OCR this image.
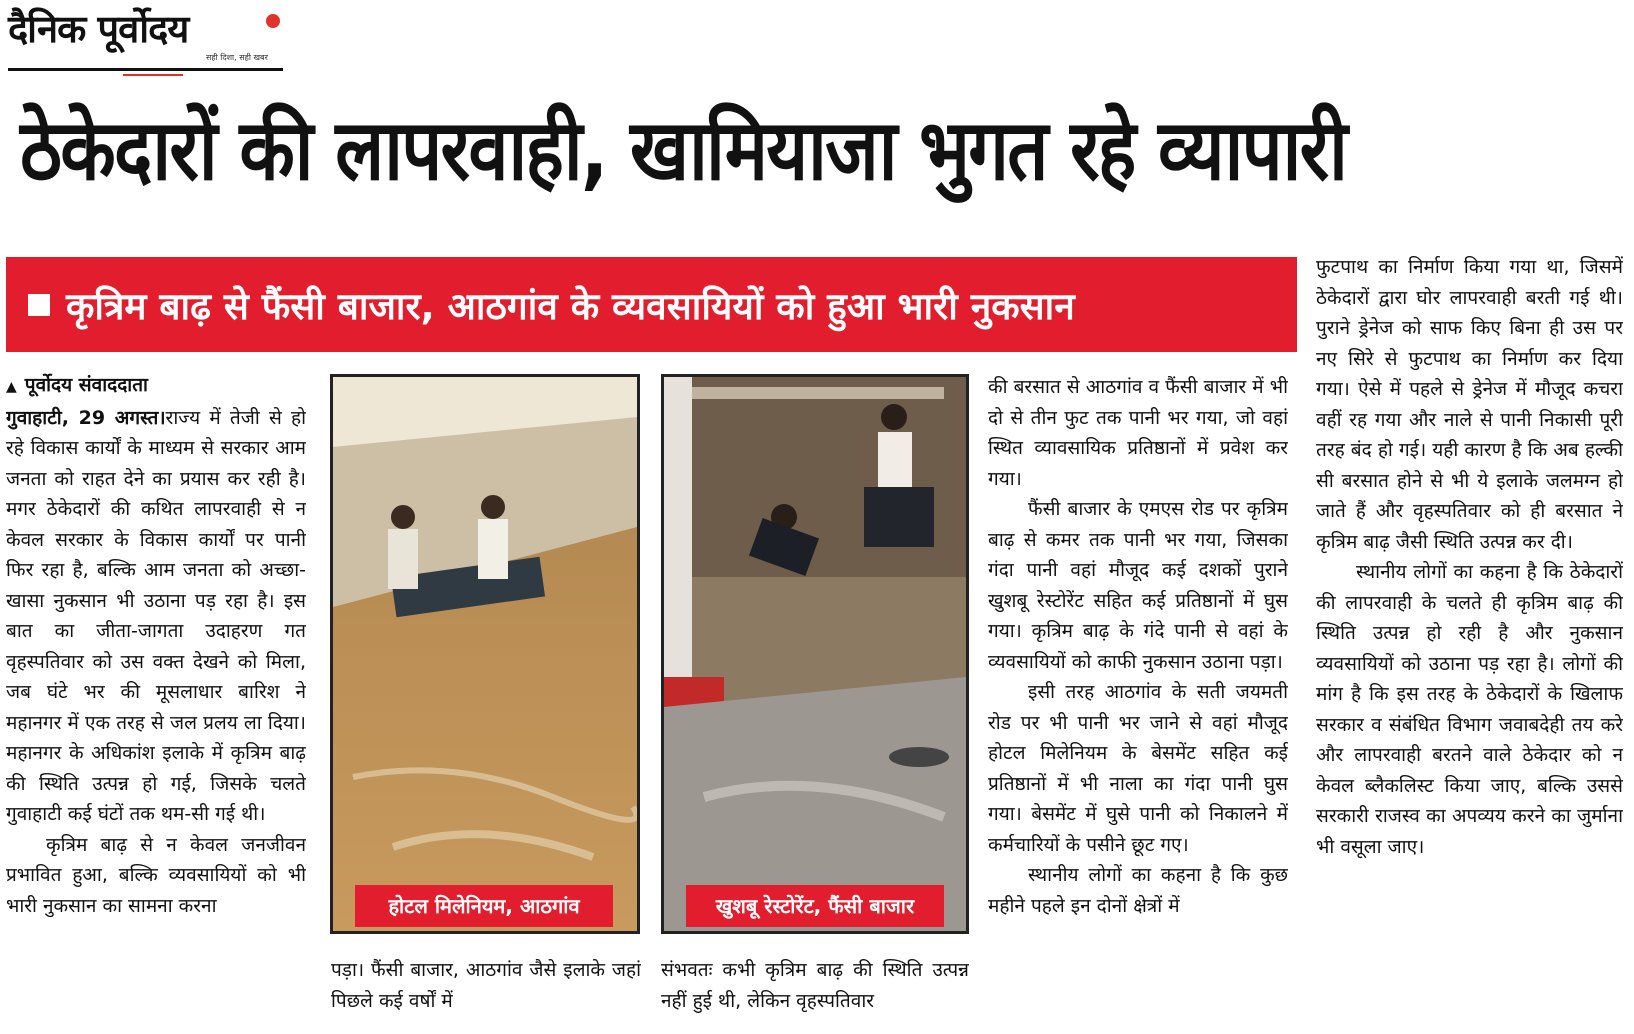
दैनिक पूर्वोदय
सही दिशा, सही खबर
ठेकेदारों की लापरवाही, खामियाजा भुगत रहे व्यापारी
कृत्रिम बाढ़ से फैंसी बाजार, आठगांव के व्यवसायियों को हुआ भारी नुकसान

▲ पूर्वोदय संवाददाता

गुवाहाटी, 29 अगस्त।राज्य में तेजी से हो रहे विकास कार्यों के माध्यम से सरकार आम जनता को राहत देने का प्रयास कर रही है। मगर ठेकेदारों की कथित लापरवाही से न केवल सरकार के विकास कार्यों पर पानी फिर रहा है, बल्कि आम जनता को अच्छा-खासा नुकसान भी उठाना पड़ रहा है। इस बात का जीता-जागता उदाहरण गत वृहस्पतिवार को उस वक्त देखने को मिला, जब घंटे भर की मूसलाधार बारिश ने महानगर में एक तरह से जल प्रलय ला दिया। महानगर के अधिकांश इलाके में कृत्रिम बाढ़ की स्थिति उत्पन्न हो गई, जिसके चलते गुवाहाटी कई घंटों तक थम-सी गई थी।

कृत्रिम बाढ़ से न केवल जनजीवन प्रभावित हुआ, बल्कि व्यवसायियों को भी भारी नुकसान का सामना करना	होटल मिलेनियम, आठगांव	खुशबू रेस्टोरेंट, फैंसी बाजार

पड़ा। फैंसी बाजार, आठगांव जैसे इलाके जहां पिछले कई वर्षों में

संभवतः कभी कृत्रिम बाढ़ की स्थिति उत्पन्न नहीं हुई थी, लेकिन वृहस्पतिवार

की बरसात से आठगांव व फैंसी बाजार में भी दो से तीन फुट तक पानी भर गया, जो वहां स्थित व्यावसायिक प्रतिष्ठानों में प्रवेश कर गया।

फैंसी बाजार के एमएस रोड पर कृत्रिम बाढ़ से कमर तक पानी भर गया, जिसका गंदा पानी वहां मौजूद कई दशकों पुराने खुशबू रेस्टोरेंट सहित कई प्रतिष्ठानों में घुस गया। कृत्रिम बाढ़ के गंदे पानी से वहां के व्यवसायियों को काफी नुकसान उठाना पड़ा।

इसी तरह आठगांव के सती जयमती रोड पर भी पानी भर जाने से वहां मौजूद होटल मिलेनियम के बेसमेंट सहित कई प्रतिष्ठानों में भी नाला का गंदा पानी घुस गया। बेसमेंट में घुसे पानी को निकालने में कर्मचारियों के पसीने छूट गए।

स्थानीय लोगों का कहना है कि कुछ महीने पहले इन दोनों क्षेत्रों में

फुटपाथ का निर्माण किया गया था, जिसमें ठेकेदारों द्वारा घोर लापरवाही बरती गई थी। पुराने ड्रेनेज को साफ किए बिना ही उस पर नए सिरे से फुटपाथ का निर्माण कर दिया गया। ऐसे में पहले से ड्रेनेज में मौजूद कचरा वहीं रह गया और नाले से पानी निकासी पूरी तरह बंद हो गई। यही कारण है कि अब हल्की सी बरसात होने से भी ये इलाके जलमग्न हो जाते हैं और वृहस्पतिवार को ही बरसात ने कृत्रिम बाढ़ जैसी स्थिति उत्पन्न कर दी।

स्थानीय लोगों का कहना है कि ठेकेदारों की लापरवाही के चलते ही कृत्रिम बाढ़ की स्थिति उत्पन्न हो रही है और नुकसान व्यवसायियों को उठाना पड़ रहा है। लोगों की मांग है कि इस तरह के ठेकेदारों के खिलाफ सरकार व संबंधित विभाग जवाबदेही तय करे और लापरवाही बरतने वाले ठेकेदार को न केवल ब्लैकलिस्ट किया जाए, बल्कि उससे सरकारी राजस्व का अपव्यय करने का जुर्माना भी वसूला जाए।
